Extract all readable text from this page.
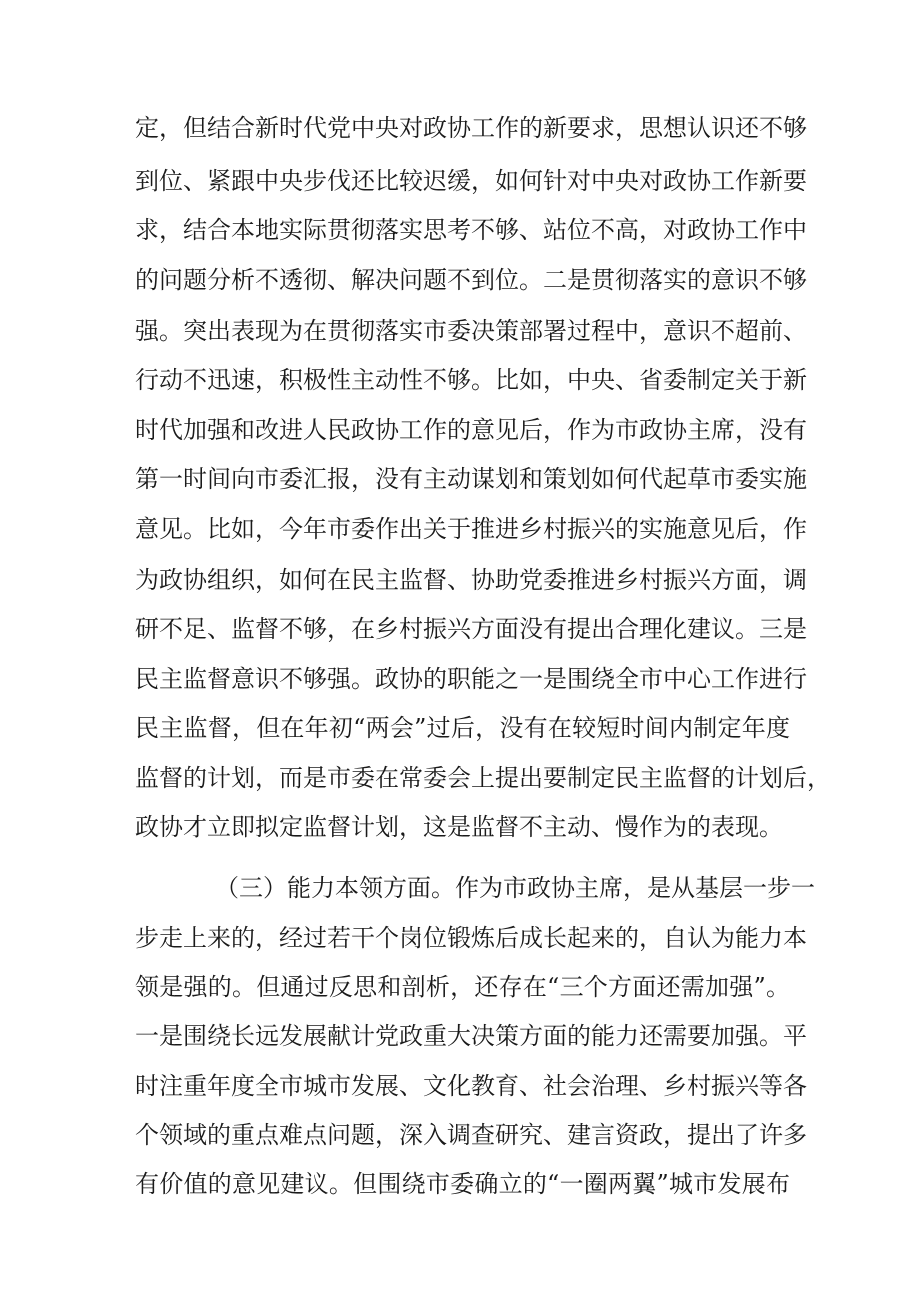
定，但结合新时代党中央对政协工作的新要求，思想认识还不够
到位、紧跟中央步伐还比较迟缓，如何针对中央对政协工作新要
求，结合本地实际贯彻落实思考不够、站位不高，对政协工作中
的问题分析不透彻、解决问题不到位。二是贯彻落实的意识不够
强。突出表现为在贯彻落实市委决策部署过程中，意识不超前、
行动不迅速，积极性主动性不够。比如，中央、省委制定关于新
时代加强和改进人民政协工作的意见后，作为市政协主席，没有
第一时间向市委汇报，没有主动谋划和策划如何代起草市委实施
意见。比如，今年市委作出关于推进乡村振兴的实施意见后，作
为政协组织，如何在民主监督、协助党委推进乡村振兴方面，调
研不足、监督不够，在乡村振兴方面没有提出合理化建议。三是
民主监督意识不够强。政协的职能之一是围绕全市中心工作进行
民主监督，但在年初“两会”过后，没有在较短时间内制定年度
监督的计划，而是市委在常委会上提出要制定民主监督的计划后，
政协才立即拟定监督计划，这是监督不主动、慢作为的表现。
（三）能力本领方面。作为市政协主席，是从基层一步一
步走上来的，经过若干个岗位锻炼后成长起来的，自认为能力本
领是强的。但通过反思和剖析，还存在“三个方面还需加强”。
一是围绕长远发展献计党政重大决策方面的能力还需要加强。平
时注重年度全市城市发展、文化教育、社会治理、乡村振兴等各
个领域的重点难点问题，深入调查研究、建言资政，提出了许多
有价值的意见建议。但围绕市委确立的“一圈两翼”城市发展布
